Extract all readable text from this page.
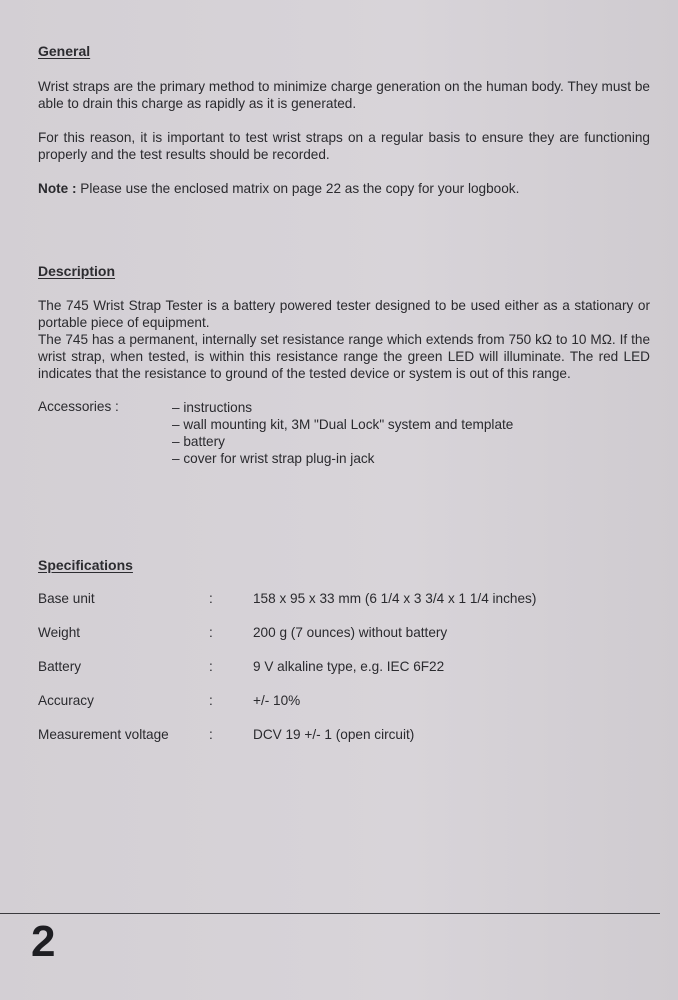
General
Wrist straps are the primary method to minimize charge generation on the human body. They must be able to drain this charge as rapidly as it is generated.
For this reason, it is important to test wrist straps on a regular basis to ensure they are functioning properly and the test results should be recorded.
Note : Please use the enclosed matrix on page 22 as the copy for your logbook.
Description
The 745 Wrist Strap Tester is a battery powered tester designed to be used either as a stationary or portable piece of equipment.
The 745 has a permanent, internally set resistance range which extends from 750 kΩ to 10 MΩ. If the wrist strap, when tested, is within this resistance range the green LED will illuminate. The red LED indicates that the resistance to ground of the tested device or system is out of this range.
Accessories :
–	instructions
– wall mounting kit, 3M "Dual Lock" system and template
– battery
– cover for wrist strap plug-in jack
Specifications
Base unit	:	158 x 95 x 33 mm (6 1/4 x 3 3/4 x 1 1/4 inches)
Weight	:	200 g (7 ounces) without battery
Battery	:	9 V alkaline type, e.g. IEC 6F22
Accuracy	:	+/- 10%
Measurement voltage	:	DCV 19 +/- 1 (open circuit)
2
